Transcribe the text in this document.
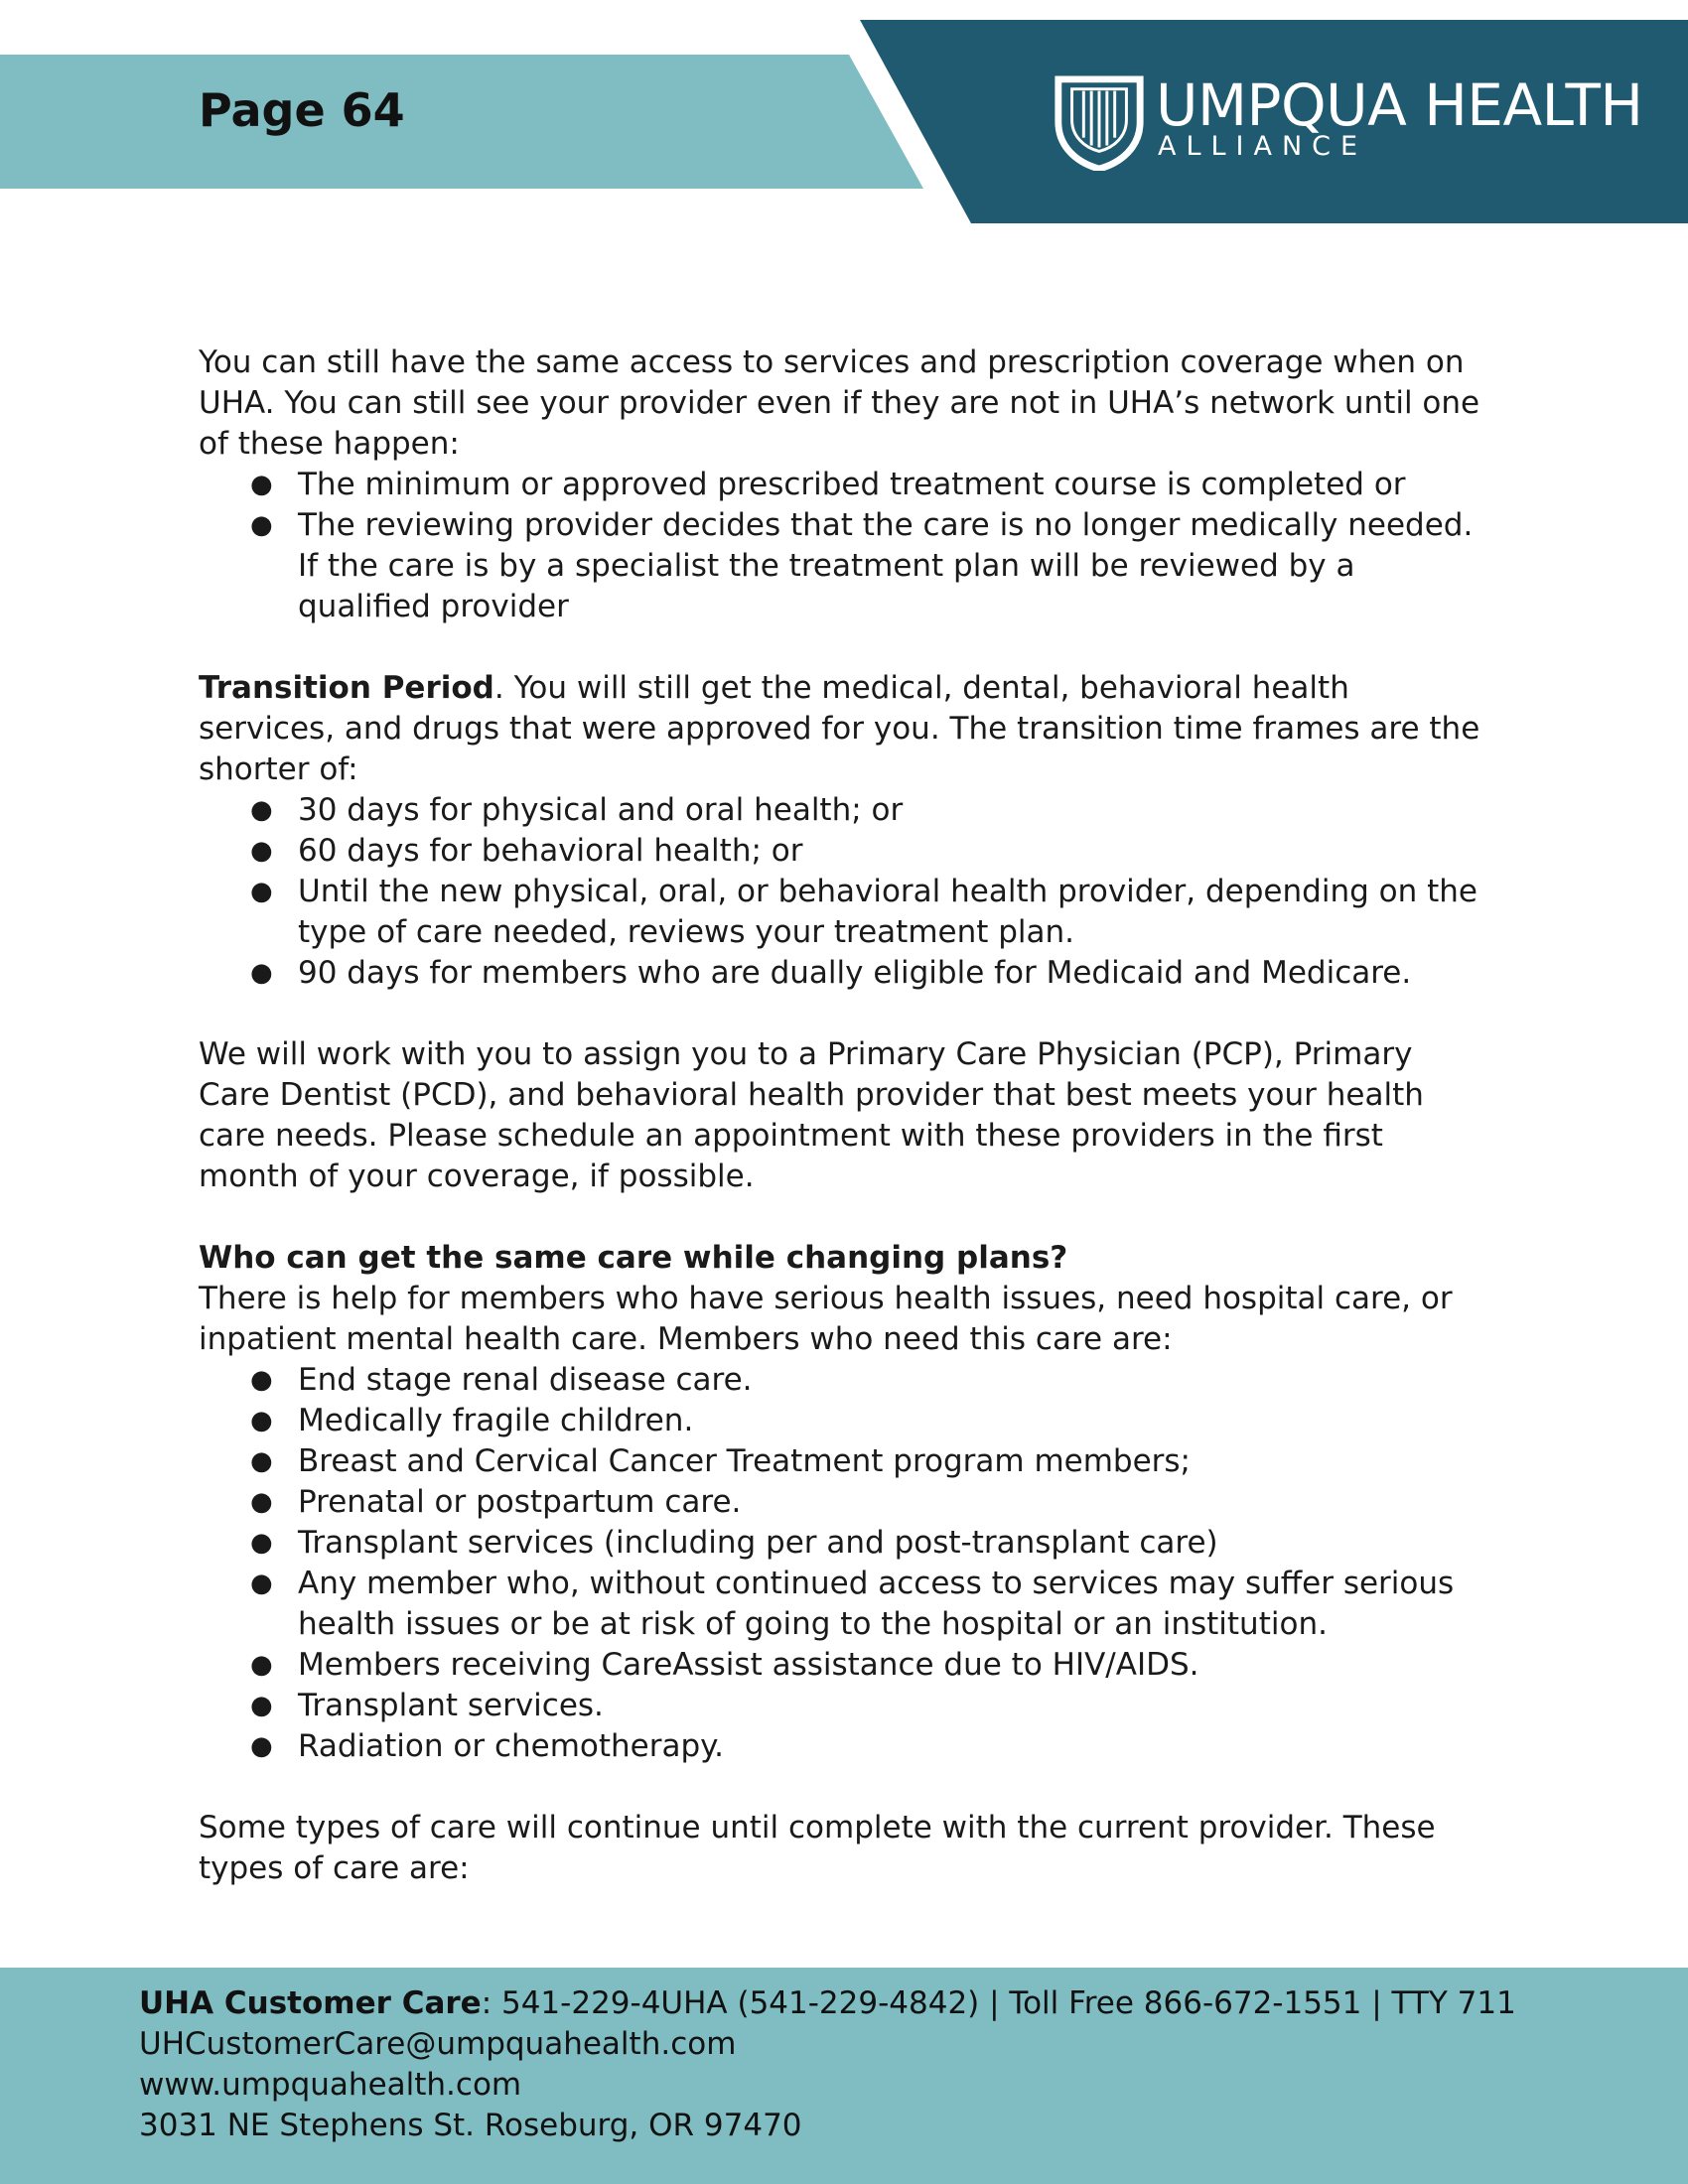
Page 64	UMPQUA HEALTH
ALLIANCE

You can still have the same access to services and prescription coverage when on UHA. You can still see your provider even if they are not in UHA’s network until one of these happen:

● The minimum or approved prescribed treatment course is completed or
● The reviewing provider decides that the care is no longer medically needed. If the care is by a specialist the treatment plan will be reviewed by a qualified provider

Transition Period. You will still get the medical, dental, behavioral health services, and drugs that were approved for you. The transition time frames are the shorter of:

● 30 days for physical and oral health; or
● 60 days for behavioral health; or
● Until the new physical, oral, or behavioral health provider, depending on the type of care needed, reviews your treatment plan.
● 90 days for members who are dually eligible for Medicaid and Medicare.

We will work with you to assign you to a Primary Care Physician (PCP), Primary Care Dentist (PCD), and behavioral health provider that best meets your health care needs. Please schedule an appointment with these providers in the first month of your coverage, if possible.

Who can get the same care while changing plans?

There is help for members who have serious health issues, need hospital care, or inpatient mental health care. Members who need this care are:

● End stage renal disease care.
● Medically fragile children.
● Breast and Cervical Cancer Treatment program members;
● Prenatal or postpartum care.
● Transplant services (including per and post-transplant care)
● Any member who, without continued access to services may suffer serious health issues or be at risk of going to the hospital or an institution.
● Members receiving CareAssist assistance due to HIV/AIDS.
● Transplant services.
● Radiation or chemotherapy.

Some types of care will continue until complete with the current provider. These types of care are:

UHA Customer Care: 541-229-4UHA (541-229-4842) | Toll Free 866-672-1551 | TTY 711

UHCustomerCare@umpquahealth.com

www.umpquahealth.com

3031 NE Stephens St. Roseburg, OR 97470
